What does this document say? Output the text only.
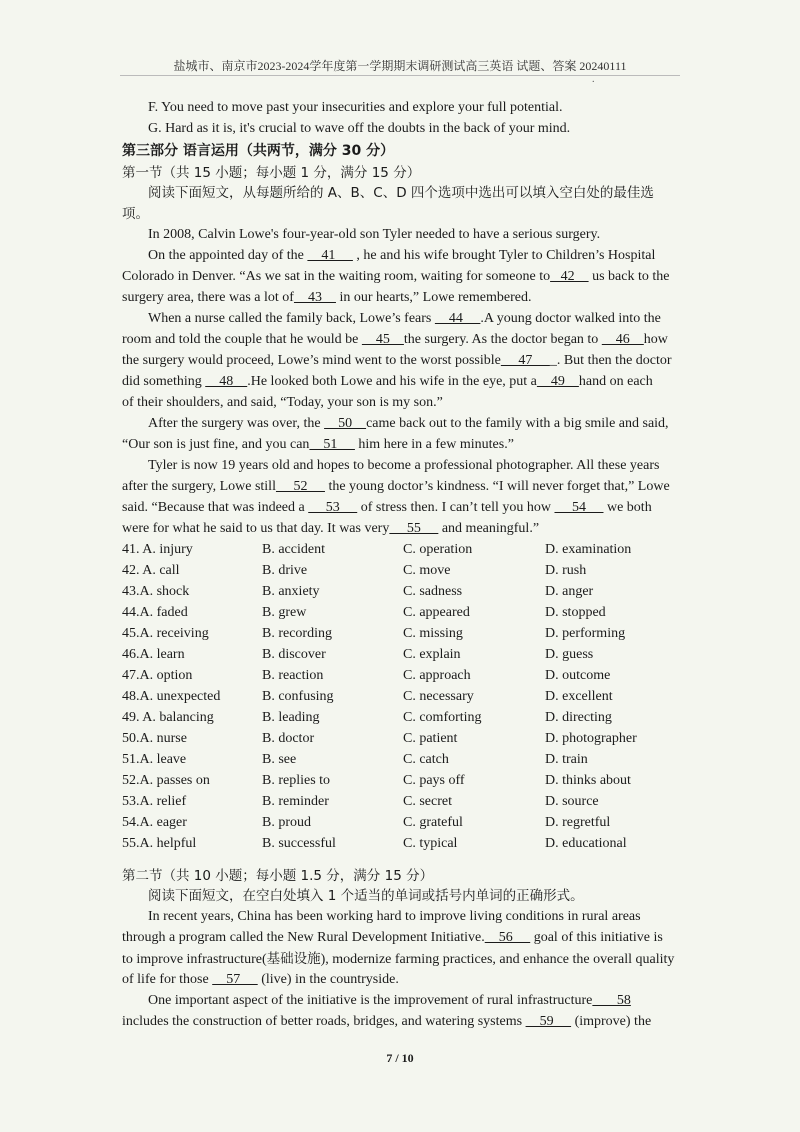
盐城市、南京市2023-2024学年度第一学期期末调研测试高三英语 试题、答案 20240111
.
F. You need to move past your insecurities and explore your full potential.
G. Hard as it is, it's crucial to wave off the doubts in the back of your mind.
第三部分 语言运用（共两节，满分 30 分）
第一节（共 15 小题；每小题 1 分，满分 15 分）
阅读下面短文，从每题所给的 A、B、C、D 四个选项中选出可以填入空白处的最佳选
项。
In 2008, Calvin Lowe's four-year-old son Tyler needed to have a serious surgery.
On the appointed day of the     41      , he and his wife brought Tyler to Children’s Hospital
Colorado in Denver. “As we sat in the waiting room, waiting for someone to   42     us back to the
surgery area, there was a lot of    43     in our hearts,” Lowe remembered.
When a nurse called the family back, Lowe’s fears     44     .A young doctor walked into the
room and told the couple that he would be     45    the surgery. As the doctor began to     46    how
the surgery would proceed, Lowe’s mind went to the worst possible     47     _. But then the doctor
did something     48    .He looked both Lowe and his wife in the eye, put a    49    hand on each
of their shoulders, and said, “Today, your son is my son.”
After the surgery was over, the     50    came back out to the family with a big smile and said,
“Our son is just fine, and you can    51      him here in a few minutes.”
Tyler is now 19 years old and hopes to become a professional photographer. All these years
after the surgery, Lowe still     52      the young doctor’s kindness. “I will never forget that,” Lowe
said. “Because that was indeed a      53      of stress then. I can’t tell you how      54      we both
were for what he said to us that day. It was very     55      and meaningful.”
41. A. injury	B. accident	C. operation	D. examination
42. A. call	B. drive	C. move	D. rush
43.A. shock	B. anxiety	C. sadness	D. anger
44.A. faded	B. grew	C. appeared	D. stopped
45.A. receiving	B. recording	C. missing	D. performing
46.A. learn	B. discover	C. explain	D. guess
47.A. option	B. reaction	C. approach	D. outcome
48.A. unexpected	B. confusing	C. necessary	D. excellent
49. A. balancing	B. leading	C. comforting	D. directing
50.A. nurse	B. doctor	C. patient	D. photographer
51.A. leave	B. see	C. catch	D. train
52.A. passes on	B. replies to	C. pays off	D. thinks about
53.A. relief	B. reminder	C. secret	D. source
54.A. eager	B. proud	C. grateful	D. regretful
55.A. helpful	B. successful	C. typical	D. educational
第二节（共 10 小题；每小题 1.5 分，满分 15 分）
阅读下面短文，在空白处填入 1 个适当的单词或括号内单词的正确形式。
In recent years, China has been working hard to improve living conditions in rural areas
through a program called the New Rural Development Initiative.    56      goal of this initiative is
to improve infrastructure(基础设施), modernize farming practices, and enhance the overall quality
of life for those     57      (live) in the countryside.
One important aspect of the initiative is the improvement of rural infrastructure       58
includes the construction of better roads, bridges, and watering systems     59      (improve) the
7 / 10
